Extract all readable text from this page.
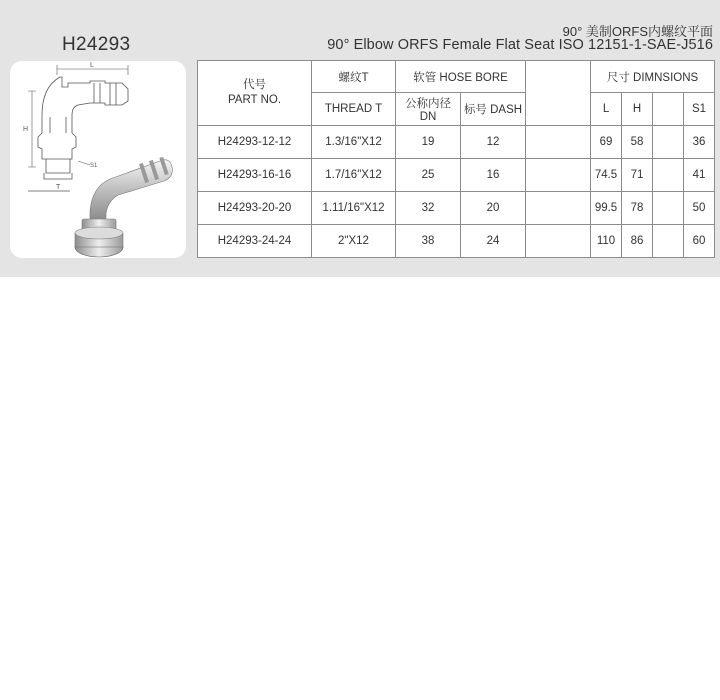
H24293
90° 美制ORFS内螺纹平面
90° Elbow ORFS Female Flat Seat ISO 12151-1-SAE-J516
L
H
T
S1
代号
PART NO.	螺纹T	软管 HOSE BORE			尺寸 DIMNSIONS			
	THREAD T	公称内径 DN	标号 DASH		L	H		S1
H24293-12-12	1.3/16"X12	19	12		69	58		36
H24293-16-16	1.7/16"X12	25	16		74.5	71		41
H24293-20-20	1.11/16"X12	32	20		99.5	78		50
H24293-24-24	2"X12	38	24		110	86		60
